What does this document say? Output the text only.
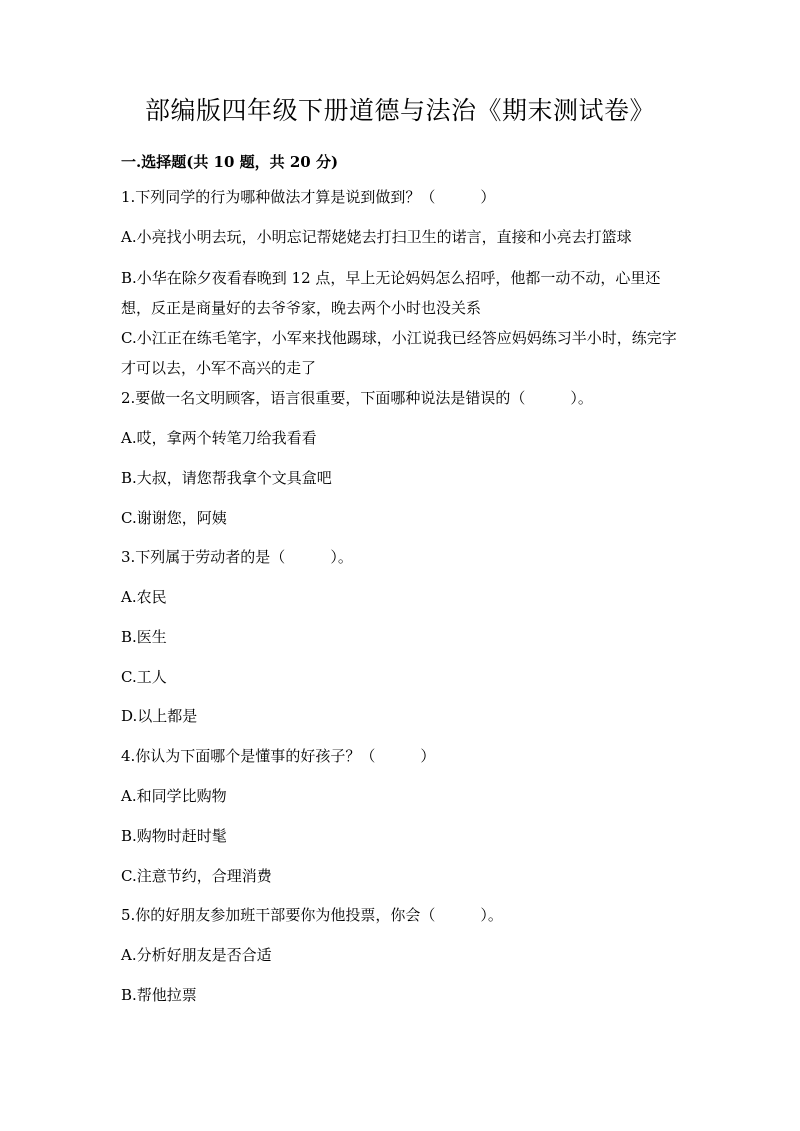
部编版四年级下册道德与法治《期末测试卷》
一.选择题(共 10 题，共 20 分)
1.下列同学的行为哪种做法才算是说到做到？（　　　）
A.小亮找小明去玩，小明忘记帮姥姥去打扫卫生的诺言，直接和小亮去打篮球
B.小华在除夕夜看春晚到 12 点，早上无论妈妈怎么招呼，他都一动不动，心里还想，反正是商量好的去爷爷家，晚去两个小时也没关系
C.小江正在练毛笔字，小军来找他踢球，小江说我已经答应妈妈练习半小时，练完字才可以去，小军不高兴的走了
2.要做一名文明顾客，语言很重要，下面哪种说法是错误的（　　　）。
A.哎，拿两个转笔刀给我看看
B.大叔，请您帮我拿个文具盒吧
C.谢谢您，阿姨
3.下列属于劳动者的是（　　　）。
A.农民
B.医生
C.工人
D.以上都是
4.你认为下面哪个是懂事的好孩子？（　　　）
A.和同学比购物
B.购物时赶时髦
C.注意节约，合理消费
5.你的好朋友参加班干部要你为他投票，你会（　　　）。
A.分析好朋友是否合适
B.帮他拉票
